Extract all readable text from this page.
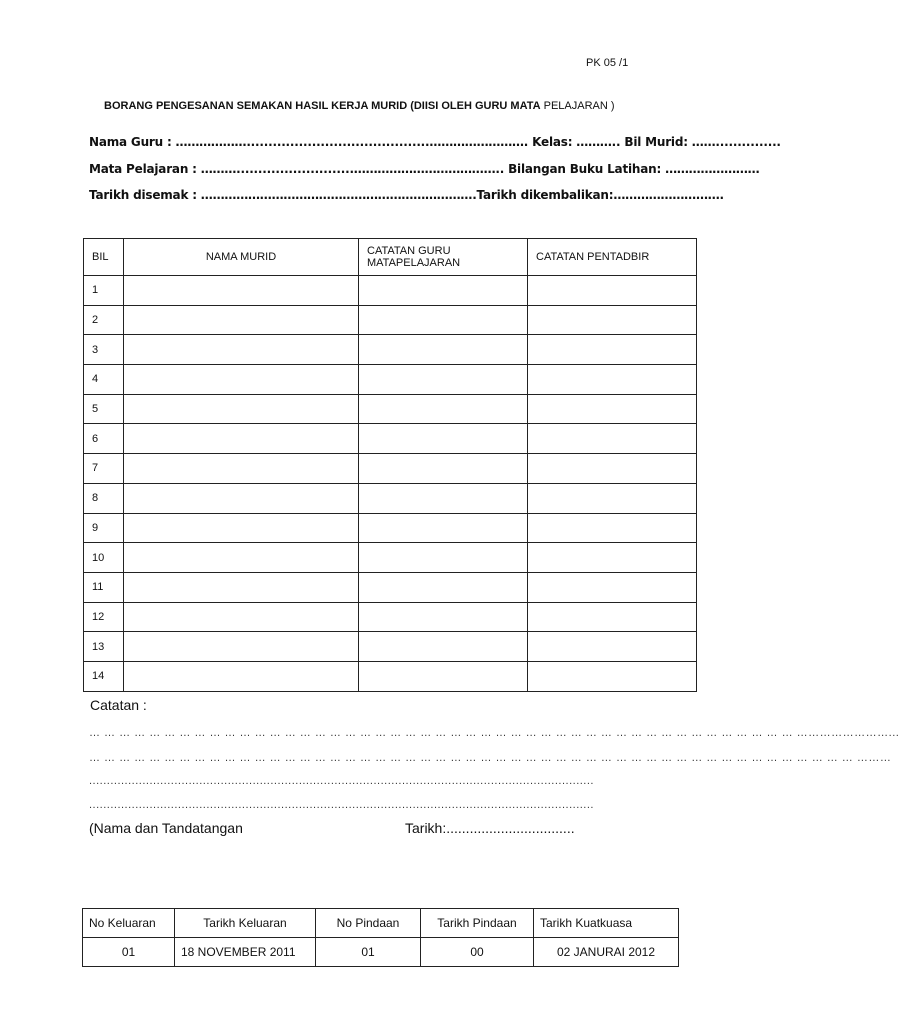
PK 05 /1
BORANG PENGESANAN SEMAKAN HASIL KERJA MURID (DIISI OLEH GURU MATA PELAJARAN )
Nama Guru : ………………..........................................……………………. Kelas: ……….. Bil Murid: ……...............
Mata Pelajaran : ………...........................……………………………….. Bilangan Buku Latihan: ……………………
Tarikh disemak : …………………………………………………………….Tarikh dikembalikan:……………………….
BIL	NAMA MURID	CATATAN GURU MATAPELAJARAN	CATATAN PENTADBIR
1			
2			
3			
4			
5			
6			
7			
8			
9			
10			
11			
12			
13			
14			
Catatan :
… … … … … … … … … … … … … … … … … … … … … … … … … … … … … … … … … … … … … … … … … … … … … … … ……………………...
… … … … … … … … … … … … … … … … … … … … … … … … … … … … … … … … … … … … … … … … … … … … … … … … … … … ………
..............................................................................................................................................
..............................................................................................................................................
(Nama dan Tandatangan	Tarikh:.................................
No Keluaran	Tarikh Keluaran	No Pindaan	Tarikh Pindaan	Tarikh Kuatkuasa
01	18 NOVEMBER 2011	01	00	02 JANURAI 2012
